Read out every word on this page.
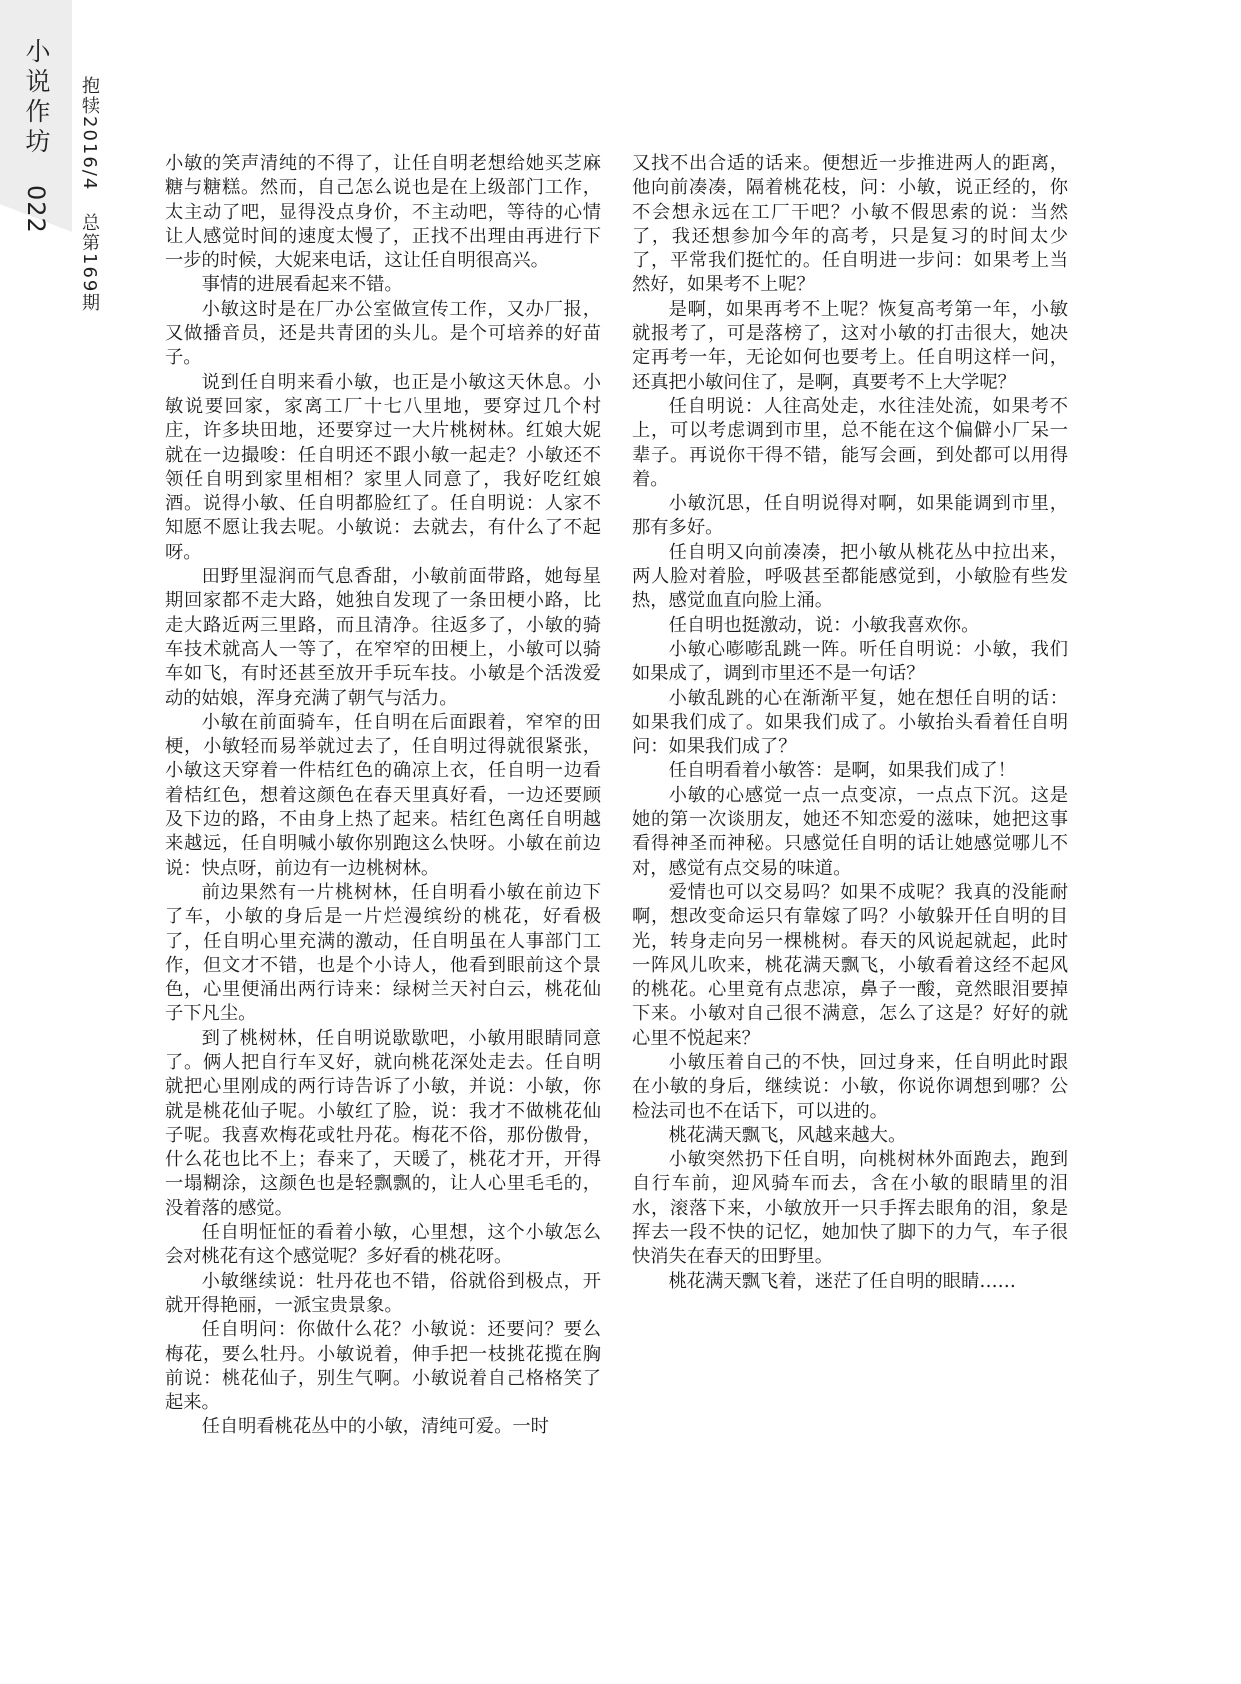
小说作坊 022
抱犊2016/4 总第169期

小敏的笑声清纯的不得了，让任自明老想给她买芝麻糖与糖糕。然而，自己怎么说也是在上级部门工作，太主动了吧，显得没点身价，不主动吧，等待的心情让人感觉时间的速度太慢了，正找不出理由再进行下一步的时候，大妮来电话，这让任自明很高兴。

事情的进展看起来不错。

小敏这时是在厂办公室做宣传工作，又办厂报，又做播音员，还是共青团的头儿。是个可培养的好苗子。

说到任自明来看小敏，也正是小敏这天休息。小敏说要回家，家离工厂十七八里地，要穿过几个村庄，许多块田地，还要穿过一大片桃树林。红娘大妮就在一边撮唆：任自明还不跟小敏一起走？小敏还不领任自明到家里相相？家里人同意了，我好吃红娘酒。说得小敏、任自明都脸红了。任自明说：人家不知愿不愿让我去呢。小敏说：去就去，有什么了不起呀。

田野里湿润而气息香甜，小敏前面带路，她每星期回家都不走大路，她独自发现了一条田梗小路，比走大路近两三里路，而且清净。往返多了，小敏的骑车技术就高人一等了，在窄窄的田梗上，小敏可以骑车如飞，有时还甚至放开手玩车技。小敏是个活泼爱动的姑娘，浑身充满了朝气与活力。

小敏在前面骑车，任自明在后面跟着，窄窄的田梗，小敏轻而易举就过去了，任自明过得就很紧张，小敏这天穿着一件桔红色的确凉上衣，任自明一边看着桔红色，想着这颜色在春天里真好看，一边还要顾及下边的路，不由身上热了起来。桔红色离任自明越来越远，任自明喊小敏你别跑这么快呀。小敏在前边说：快点呀，前边有一边桃树林。

前边果然有一片桃树林，任自明看小敏在前边下了车，小敏的身后是一片烂漫缤纷的桃花，好看极了，任自明心里充满的激动，任自明虽在人事部门工作，但文才不错，也是个小诗人，他看到眼前这个景色，心里便涌出两行诗来：绿树兰天衬白云，桃花仙子下凡尘。

到了桃树林，任自明说歇歇吧，小敏用眼睛同意了。俩人把自行车叉好，就向桃花深处走去。任自明就把心里刚成的两行诗告诉了小敏，并说：小敏，你就是桃花仙子呢。小敏红了脸，说：我才不做桃花仙子呢。我喜欢梅花或牡丹花。梅花不俗，那份傲骨，什么花也比不上；春来了，天暖了，桃花才开，开得一塌糊涂，这颜色也是轻飘飘的，让人心里毛毛的，没着落的感觉。

任自明怔怔的看着小敏，心里想，这个小敏怎么会对桃花有这个感觉呢？多好看的桃花呀。

小敏继续说：牡丹花也不错，俗就俗到极点，开就开得艳丽，一派宝贵景象。

任自明问：你做什么花？小敏说：还要问？要么梅花，要么牡丹。小敏说着，伸手把一枝挑花揽在胸前说：桃花仙子，别生气啊。小敏说着自己格格笑了起来。

任自明看桃花丛中的小敏，清纯可爱。一时

又找不出合适的话来。便想近一步推进两人的距离，他向前凑凑，隔着桃花枝，问：小敏，说正经的，你不会想永远在工厂干吧？小敏不假思索的说：当然了，我还想参加今年的高考，只是复习的时间太少了，平常我们挺忙的。任自明进一步问：如果考上当然好，如果考不上呢？

是啊，如果再考不上呢？恢复高考第一年，小敏就报考了，可是落榜了，这对小敏的打击很大，她决定再考一年，无论如何也要考上。任自明这样一问，还真把小敏问住了，是啊，真要考不上大学呢？

任自明说：人往高处走，水往洼处流，如果考不上，可以考虑调到市里，总不能在这个偏僻小厂呆一辈子。再说你干得不错，能写会画，到处都可以用得着。

小敏沉思，任自明说得对啊，如果能调到市里，那有多好。

任自明又向前凑凑，把小敏从桃花丛中拉出来，两人脸对着脸，呼吸甚至都能感觉到，小敏脸有些发热，感觉血直向脸上涌。

任自明也挺激动，说：小敏我喜欢你。

小敏心嘭嘭乱跳一阵。听任自明说：小敏，我们如果成了，调到市里还不是一句话？

小敏乱跳的心在渐渐平复，她在想任自明的话：如果我们成了。如果我们成了。小敏抬头看着任自明问：如果我们成了？

任自明看着小敏答：是啊，如果我们成了！

小敏的心感觉一点一点变凉，一点点下沉。这是她的第一次谈朋友，她还不知恋爱的滋味，她把这事看得神圣而神秘。只感觉任自明的话让她感觉哪儿不对，感觉有点交易的味道。

爱情也可以交易吗？如果不成呢？我真的没能耐啊，想改变命运只有靠嫁了吗？小敏躲开任自明的目光，转身走向另一棵桃树。春天的风说起就起，此时一阵风儿吹来，桃花满天飘飞，小敏看着这经不起风的桃花。心里竟有点悲凉，鼻子一酸，竟然眼泪要掉下来。小敏对自己很不满意，怎么了这是？好好的就心里不悦起来？

小敏压着自己的不快，回过身来，任自明此时跟在小敏的身后，继续说：小敏，你说你调想到哪？公检法司也不在话下，可以进的。

桃花满天飘飞，风越来越大。

小敏突然扔下任自明，向桃树林外面跑去，跑到自行车前，迎风骑车而去，含在小敏的眼睛里的泪水，滚落下来，小敏放开一只手挥去眼角的泪，象是挥去一段不快的记忆，她加快了脚下的力气，车子很快消失在春天的田野里。

桃花满天飘飞着，迷茫了任自明的眼睛……
